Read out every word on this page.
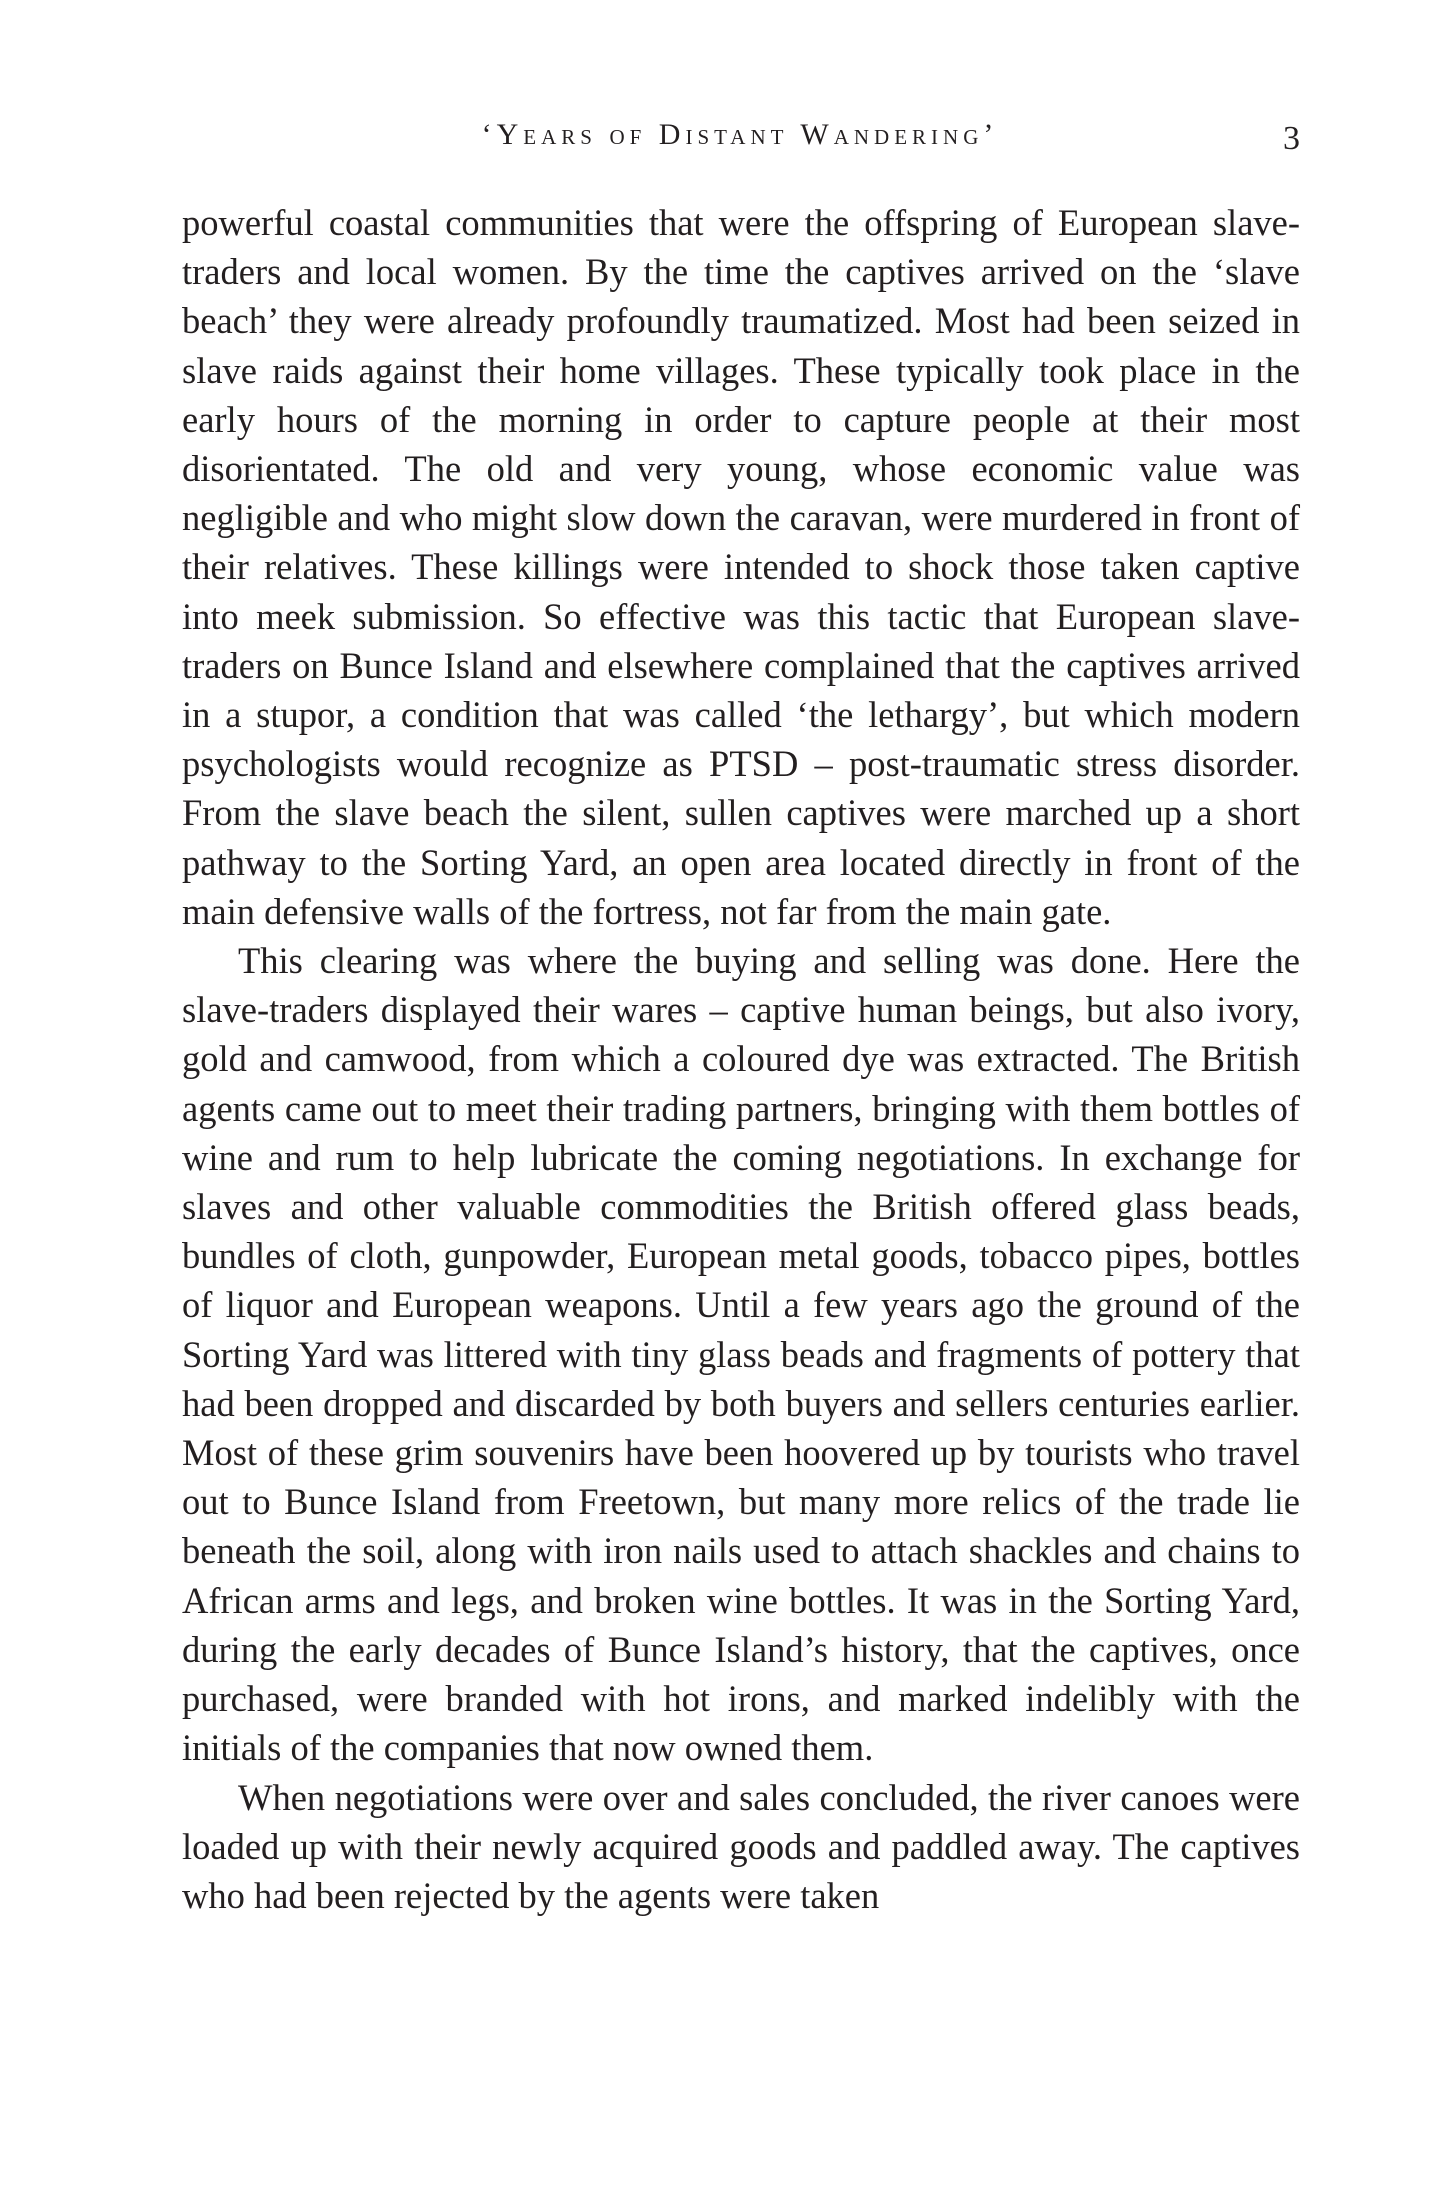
‘Years of Distant Wandering’	3

powerful coastal communities that were the offspring of European slave-traders and local women. By the time the captives arrived on the ‘slave beach’ they were already profoundly traumatized. Most had been seized in slave raids against their home villages. These typically took place in the early hours of the morning in order to capture people at their most disorientated. The old and very young, whose economic value was negligible and who might slow down the caravan, were murdered in front of their relatives. These killings were intended to shock those taken captive into meek submission. So effective was this tactic that European slave-traders on Bunce Island and elsewhere complained that the captives arrived in a stupor, a condition that was called ‘the lethargy’, but which modern psychologists would recognize as PTSD – post-traumatic stress disorder. From the slave beach the silent, sullen captives were marched up a short pathway to the Sorting Yard, an open area located directly in front of the main defensive walls of the fortress, not far from the main gate.

This clearing was where the buying and selling was done. Here the slave-traders displayed their wares – captive human beings, but also ivory, gold and camwood, from which a coloured dye was extracted. The British agents came out to meet their trading partners, bringing with them bottles of wine and rum to help lubricate the coming negotiations. In exchange for slaves and other valuable commodities the British offered glass beads, bundles of cloth, gunpowder, European metal goods, tobacco pipes, bottles of liquor and European weapons. Until a few years ago the ground of the Sorting Yard was littered with tiny glass beads and fragments of pottery that had been dropped and discarded by both buyers and sellers centuries earlier. Most of these grim souvenirs have been hoovered up by tourists who travel out to Bunce Island from Freetown, but many more relics of the trade lie beneath the soil, along with iron nails used to attach shackles and chains to African arms and legs, and broken wine bottles. It was in the Sorting Yard, during the early decades of Bunce Island’s history, that the captives, once purchased, were branded with hot irons, and marked indelibly with the initials of the companies that now owned them.

When negotiations were over and sales concluded, the river canoes were loaded up with their newly acquired goods and paddled away. The captives who had been rejected by the agents were taken
